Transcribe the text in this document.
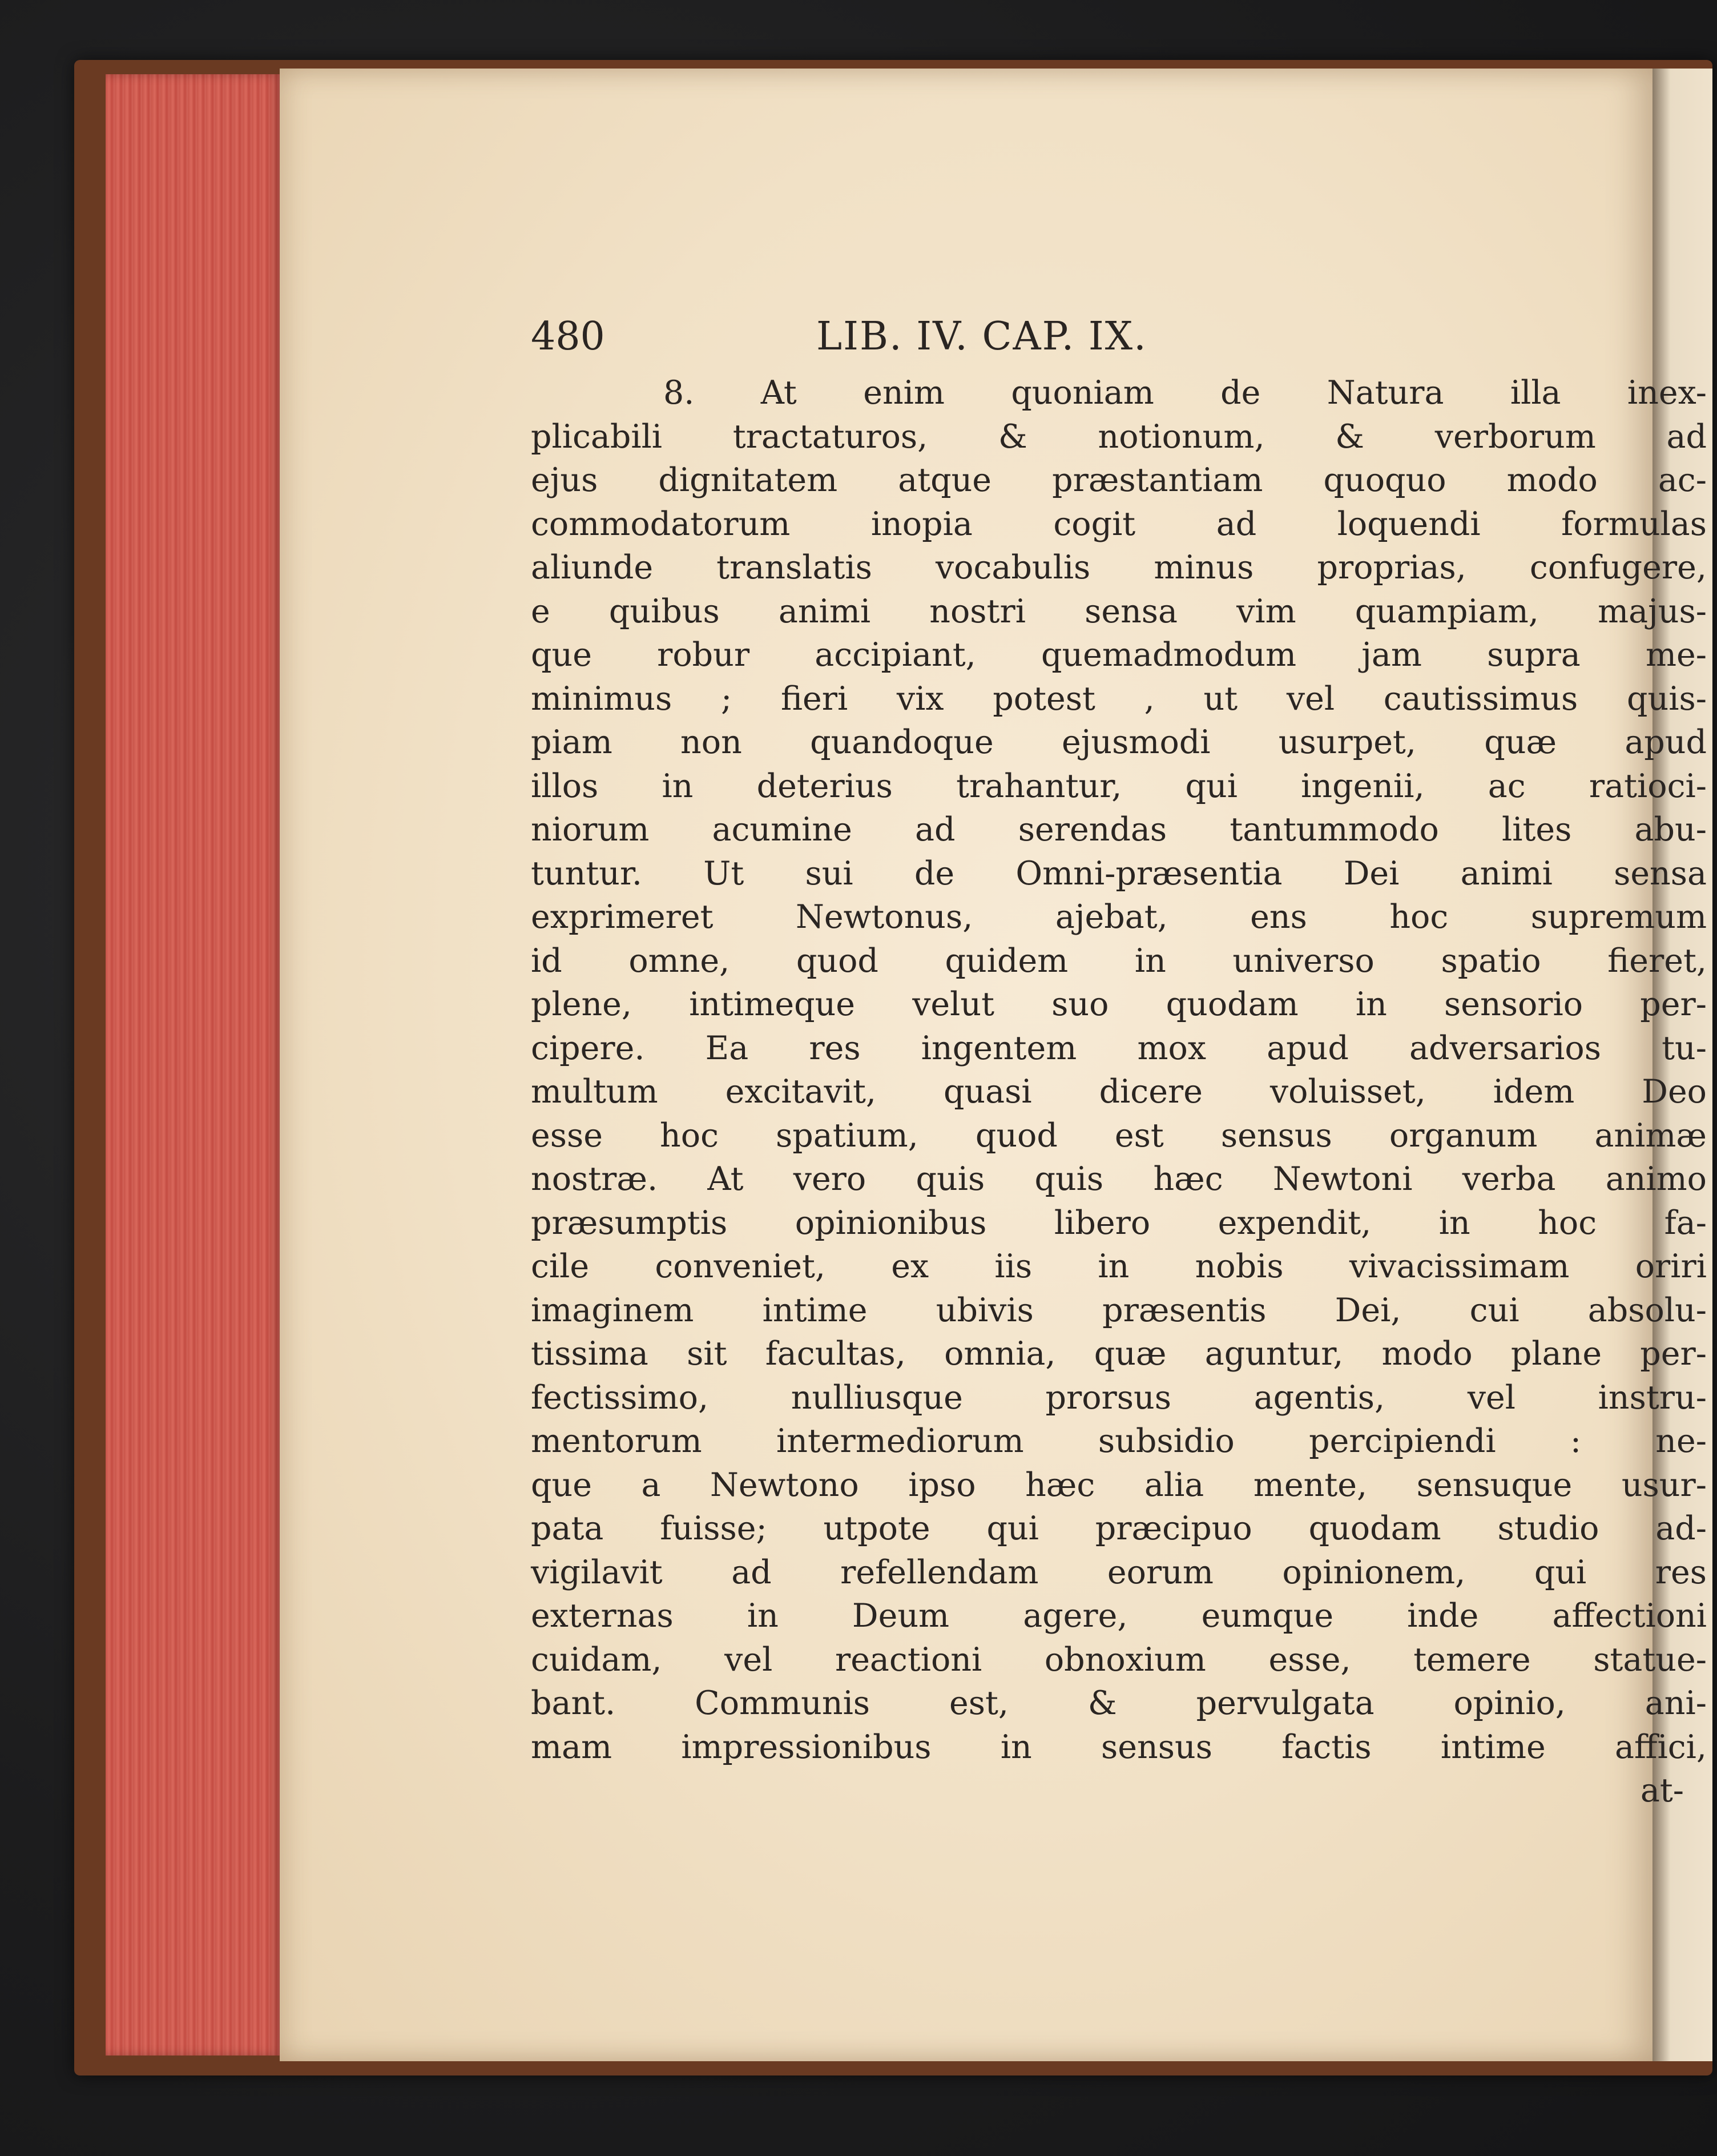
480	LIB. IV. CAP. IX.
8. At enim quoniam de Natura illa inex-
plicabili tractaturos, & notionum, & verborum ad
ejus dignitatem atque præstantiam quoquo modo ac-
commodatorum inopia cogit ad loquendi formulas
aliunde translatis vocabulis minus proprias, confugere,
e quibus animi nostri sensa vim quampiam, majus-
que robur accipiant, quemadmodum jam supra me-
minimus ; fieri vix potest , ut vel cautissimus quis-
piam non quandoque ejusmodi usurpet, quæ apud
illos in deterius trahantur, qui ingenii, ac ratioci-
niorum acumine ad serendas tantummodo lites abu-
tuntur. Ut sui de Omni-præsentia Dei animi sensa
exprimeret Newtonus, ajebat, ens hoc supremum
id omne, quod quidem in universo spatio fieret,
plene, intimeque velut suo quodam in sensorio per-
cipere. Ea res ingentem mox apud adversarios tu-
multum excitavit, quasi dicere voluisset, idem Deo
esse hoc spatium, quod est sensus organum animæ
nostræ. At vero quis quis hæc Newtoni verba animo
præsumptis opinionibus libero expendit, in hoc fa-
cile conveniet, ex iis in nobis vivacissimam oriri
imaginem intime ubivis præsentis Dei, cui absolu-
tissima sit facultas, omnia, quæ aguntur, modo plane per-
fectissimo, nulliusque prorsus agentis, vel instru-
mentorum intermediorum subsidio percipiendi : ne-
que a Newtono ipso hæc alia mente, sensuque usur-
pata fuisse; utpote qui præcipuo quodam studio ad-
vigilavit ad refellendam eorum opinionem, qui res
externas in Deum agere, eumque inde affectioni
cuidam, vel reactioni obnoxium esse, temere statue-
bant. Communis est, & pervulgata opinio, ani-
mam impressionibus in sensus factis intime affici,
at-
